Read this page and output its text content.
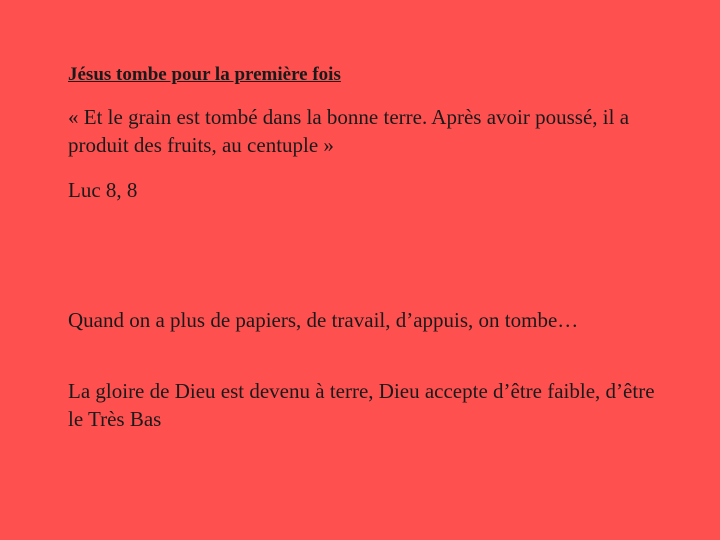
Jésus tombe pour la première fois
« Et le grain est tombé dans la bonne terre. Après avoir poussé, il a produit des fruits, au centuple »
Luc 8, 8
Quand on a plus de papiers, de travail, d’appuis, on tombe…
La gloire de Dieu est devenu à terre, Dieu accepte d’être faible, d’être le Très Bas
